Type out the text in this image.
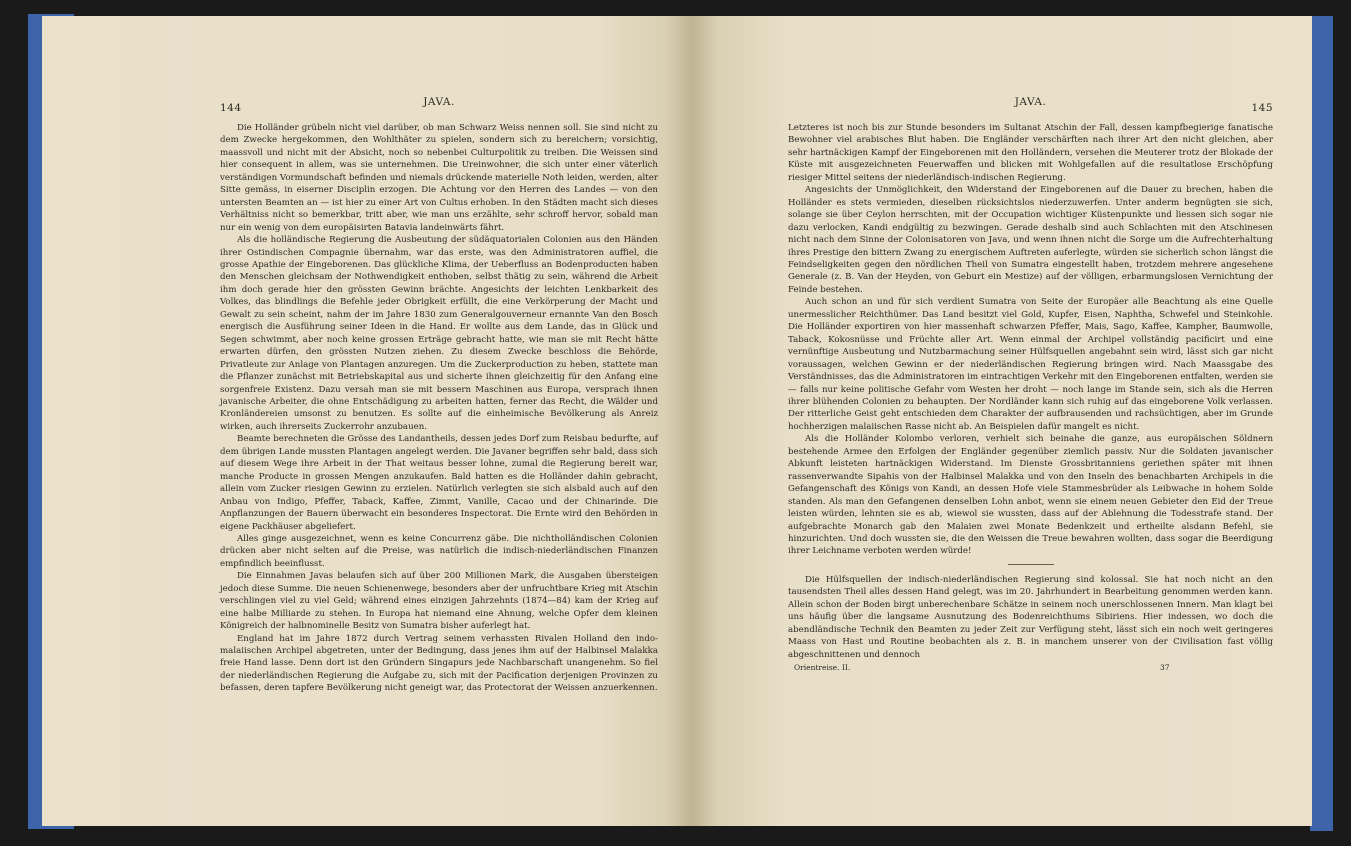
144	JAVA.

Die Holländer grübeln nicht viel darüber, ob man Schwarz Weiss nennen soll. Sie sind nicht zu dem Zwecke hergekommen, den Wohlthäter zu spielen, sondern sich zu bereichern; vorsichtig, maassvoll und nicht mit der Absicht, noch so nebenbei Culturpolitik zu treiben. Die Weissen sind hier consequent in allem, was sie unternehmen. Die Ureinwohner, die sich unter einer väterlich verständigen Vormundschaft befinden und niemals drückende materielle Noth leiden, werden, alter Sitte gemäss, in eiserner Disciplin erzogen. Die Achtung vor den Herren des Landes — von den untersten Beamten an — ist hier zu einer Art von Cultus erhoben. In den Städten macht sich dieses Verhältniss nicht so bemerkbar, tritt aber, wie man uns erzählte, sehr schroff hervor, sobald man nur ein wenig von dem europäisirten Batavia landeinwärts fährt.

Als die holländische Regierung die Ausbeutung der südäquatorialen Colonien aus den Händen ihrer Ostindischen Compagnie übernahm, war das erste, was den Administratoren auffiel, die grosse Apathie der Eingeborenen. Das glückliche Klima, der Ueberfluss an Bodenproducten haben den Menschen gleichsam der Nothwendigkeit enthoben, selbst thätig zu sein, während die Arbeit ihm doch gerade hier den grössten Gewinn brächte. Angesichts der leichten Lenkbarkeit des Volkes, das blindlings die Befehle jeder Obrigkeit erfüllt, die eine Verkörperung der Macht und Gewalt zu sein scheint, nahm der im Jahre 1830 zum Generalgouverneur ernannte Van den Bosch energisch die Ausführung seiner Ideen in die Hand. Er wollte aus dem Lande, das in Glück und Segen schwimmt, aber noch keine grossen Erträge gebracht hatte, wie man sie mit Recht hätte erwarten dürfen, den grössten Nutzen ziehen. Zu diesem Zwecke beschloss die Behörde, Privatleute zur Anlage von Plantagen anzuregen. Um die Zuckerproduction zu heben, stattete man die Pflanzer zunächst mit Betriebskapital aus und sicherte ihnen gleichzeitig für den Anfang eine sorgenfreie Existenz. Dazu versah man sie mit bessern Maschinen aus Europa, versprach ihnen javanische Arbeiter, die ohne Entschädigung zu arbeiten hatten, ferner das Recht, die Wälder und Kronländereien umsonst zu benutzen. Es sollte auf die einheimische Bevölkerung als Anreiz wirken, auch ihrerseits Zuckerrohr anzubauen.

Beamte berechneten die Grösse des Landantheils, dessen jedes Dorf zum Reisbau bedurfte, auf dem übrigen Lande mussten Plantagen angelegt werden. Die Javaner begriffen sehr bald, dass sich auf diesem Wege ihre Arbeit in der That weitaus besser lohne, zumal die Regierung bereit war, manche Producte in grossen Mengen anzukaufen. Bald hatten es die Holländer dahin gebracht, allein vom Zucker riesigen Gewinn zu erzielen. Natürlich verlegten sie sich alsbald auch auf den Anbau von Indigo, Pfeffer, Taback, Kaffee, Zimmt, Vanille, Cacao und der Chinarinde. Die Anpflanzungen der Bauern überwacht ein besonderes Inspectorat. Die Ernte wird den Behörden in eigene Packhäuser abgeliefert.

Alles ginge ausgezeichnet, wenn es keine Concurrenz gäbe. Die nichtholländischen Colonien drücken aber nicht selten auf die Preise, was natürlich die indisch-niederländischen Finanzen empfindlich beeinflusst.

Die Einnahmen Javas belaufen sich auf über 200 Millionen Mark, die Ausgaben übersteigen jedoch diese Summe. Die neuen Schienenwege, besonders aber der unfruchtbare Krieg mit Atschin verschlingen viel zu viel Geld; während eines einzigen Jahrzehnts (1874—84) kam der Krieg auf eine halbe Milliarde zu stehen. In Europa hat niemand eine Ahnung, welche Opfer dem kleinen Königreich der halbnominelle Besitz von Sumatra bisher auferlegt hat.

England hat im Jahre 1872 durch Vertrag seinem verhassten Rivalen Holland den indo-malaiischen Archipel abgetreten, unter der Bedingung, dass jenes ihm auf der Halbinsel Malakka freie Hand lasse. Denn dort ist den Gründern Singapurs jede Nachbarschaft unangenehm. So fiel der niederländischen Regierung die Aufgabe zu, sich mit der Pacification derjenigen Provinzen zu befassen, deren tapfere Bevölkerung nicht geneigt war, das Protectorat der Weissen anzuerkennen.

JAVA.	145

Letzteres ist noch bis zur Stunde besonders im Sultanat Atschin der Fall, dessen kampfbegierige fanatische Bewohner viel arabisches Blut haben. Die Engländer verschärften nach ihrer Art den nicht gleichen, aber sehr hartnäckigen Kampf der Eingeborenen mit den Holländern, versehen die Meuterer trotz der Blokade der Küste mit ausgezeichneten Feuerwaffen und blicken mit Wohlgefallen auf die resultatlose Erschöpfung riesiger Mittel seitens der niederländisch-indischen Regierung.

Angesichts der Unmöglichkeit, den Widerstand der Eingeborenen auf die Dauer zu brechen, haben die Holländer es stets vermieden, dieselben rücksichtslos niederzuwerfen. Unter anderm begnügten sie sich, solange sie über Ceylon herrschten, mit der Occupation wichtiger Küstenpunkte und liessen sich sogar nie dazu verlocken, Kandi endgültig zu bezwingen. Gerade deshalb sind auch Schlachten mit den Atschinesen nicht nach dem Sinne der Colonisatoren von Java, und wenn ihnen nicht die Sorge um die Aufrechterhaltung ihres Prestige den bittern Zwang zu energischem Auftreten auferlegte, würden sie sicherlich schon längst die Feindseligkeiten gegen den nördlichen Theil von Sumatra eingestellt haben, trotzdem mehrere angesehene Generale (z. B. Van der Heyden, von Geburt ein Mestize) auf der völligen, erbarmungslosen Vernichtung der Feinde bestehen.

Auch schon an und für sich verdient Sumatra von Seite der Europäer alle Beachtung als eine Quelle unermesslicher Reichthümer. Das Land besitzt viel Gold, Kupfer, Eisen, Naphtha, Schwefel und Steinkohle. Die Holländer exportiren von hier massenhaft schwarzen Pfeffer, Mais, Sago, Kaffee, Kampher, Baumwolle, Taback, Kokosnüsse und Früchte aller Art. Wenn einmal der Archipel vollständig pacificirt und eine vernünftige Ausbeutung und Nutzbarmachung seiner Hülfsquellen angebahnt sein wird, lässt sich gar nicht voraussagen, welchen Gewinn er der niederländischen Regierung bringen wird. Nach Maassgabe des Verständnisses, das die Administratoren im eintrachtigen Verkehr mit den Eingeborenen entfalten, werden sie — falls nur keine politische Gefahr vom Westen her droht — noch lange im Stande sein, sich als die Herren ihrer blühenden Colonien zu behaupten. Der Nordländer kann sich ruhig auf das eingeborene Volk verlassen. Der ritterliche Geist geht entschieden dem Charakter der aufbrausenden und rachsüchtigen, aber im Grunde hochherzigen malaiischen Rasse nicht ab. An Beispielen dafür mangelt es nicht.

Als die Holländer Kolombo verloren, verhielt sich beinahe die ganze, aus europäischen Söldnern bestehende Armee den Erfolgen der Engländer gegenüber ziemlich passiv. Nur die Soldaten javanischer Abkunft leisteten hartnäckigen Widerstand. Im Dienste Grossbritanniens geriethen später mit ihnen rassenverwandte Sipahis von der Halbinsel Malakka und von den Inseln des benachbarten Archipels in die Gefangenschaft des Königs von Kandi, an dessen Hofe viele Stammesbrüder als Leibwache in hohem Solde standen. Als man den Gefangenen denselben Lohn anbot, wenn sie einem neuen Gebieter den Eid der Treue leisten würden, lehnten sie es ab, wiewol sie wussten, dass auf der Ablehnung die Todesstrafe stand. Der aufgebrachte Monarch gab den Malaien zwei Monate Bedenkzeit und ertheilte alsdann Befehl, sie hinzurichten. Und doch wussten sie, die den Weissen die Treue bewahren wollten, dass sogar die Beerdigung ihrer Leichname verboten werden würde!

Die Hülfsquellen der indisch-niederländischen Regierung sind kolossal. Sie hat noch nicht an den tausendsten Theil alles dessen Hand gelegt, was im 20. Jahrhundert in Bearbeitung genommen werden kann. Allein schon der Boden birgt unberechenbare Schätze in seinem noch unerschlossenen Innern. Man klagt bei uns häufig über die langsame Ausnutzung des Bodenreichthums Sibiriens. Hier indessen, wo doch die abendländische Technik den Beamten zu jeder Zeit zur Verfügung steht, lässt sich ein noch weit geringeres Maass von Hast und Routine beobachten als z. B. in manchem unserer von der Civilisation fast völlig abgeschnittenen und dennoch

Orientreise. II.	37
